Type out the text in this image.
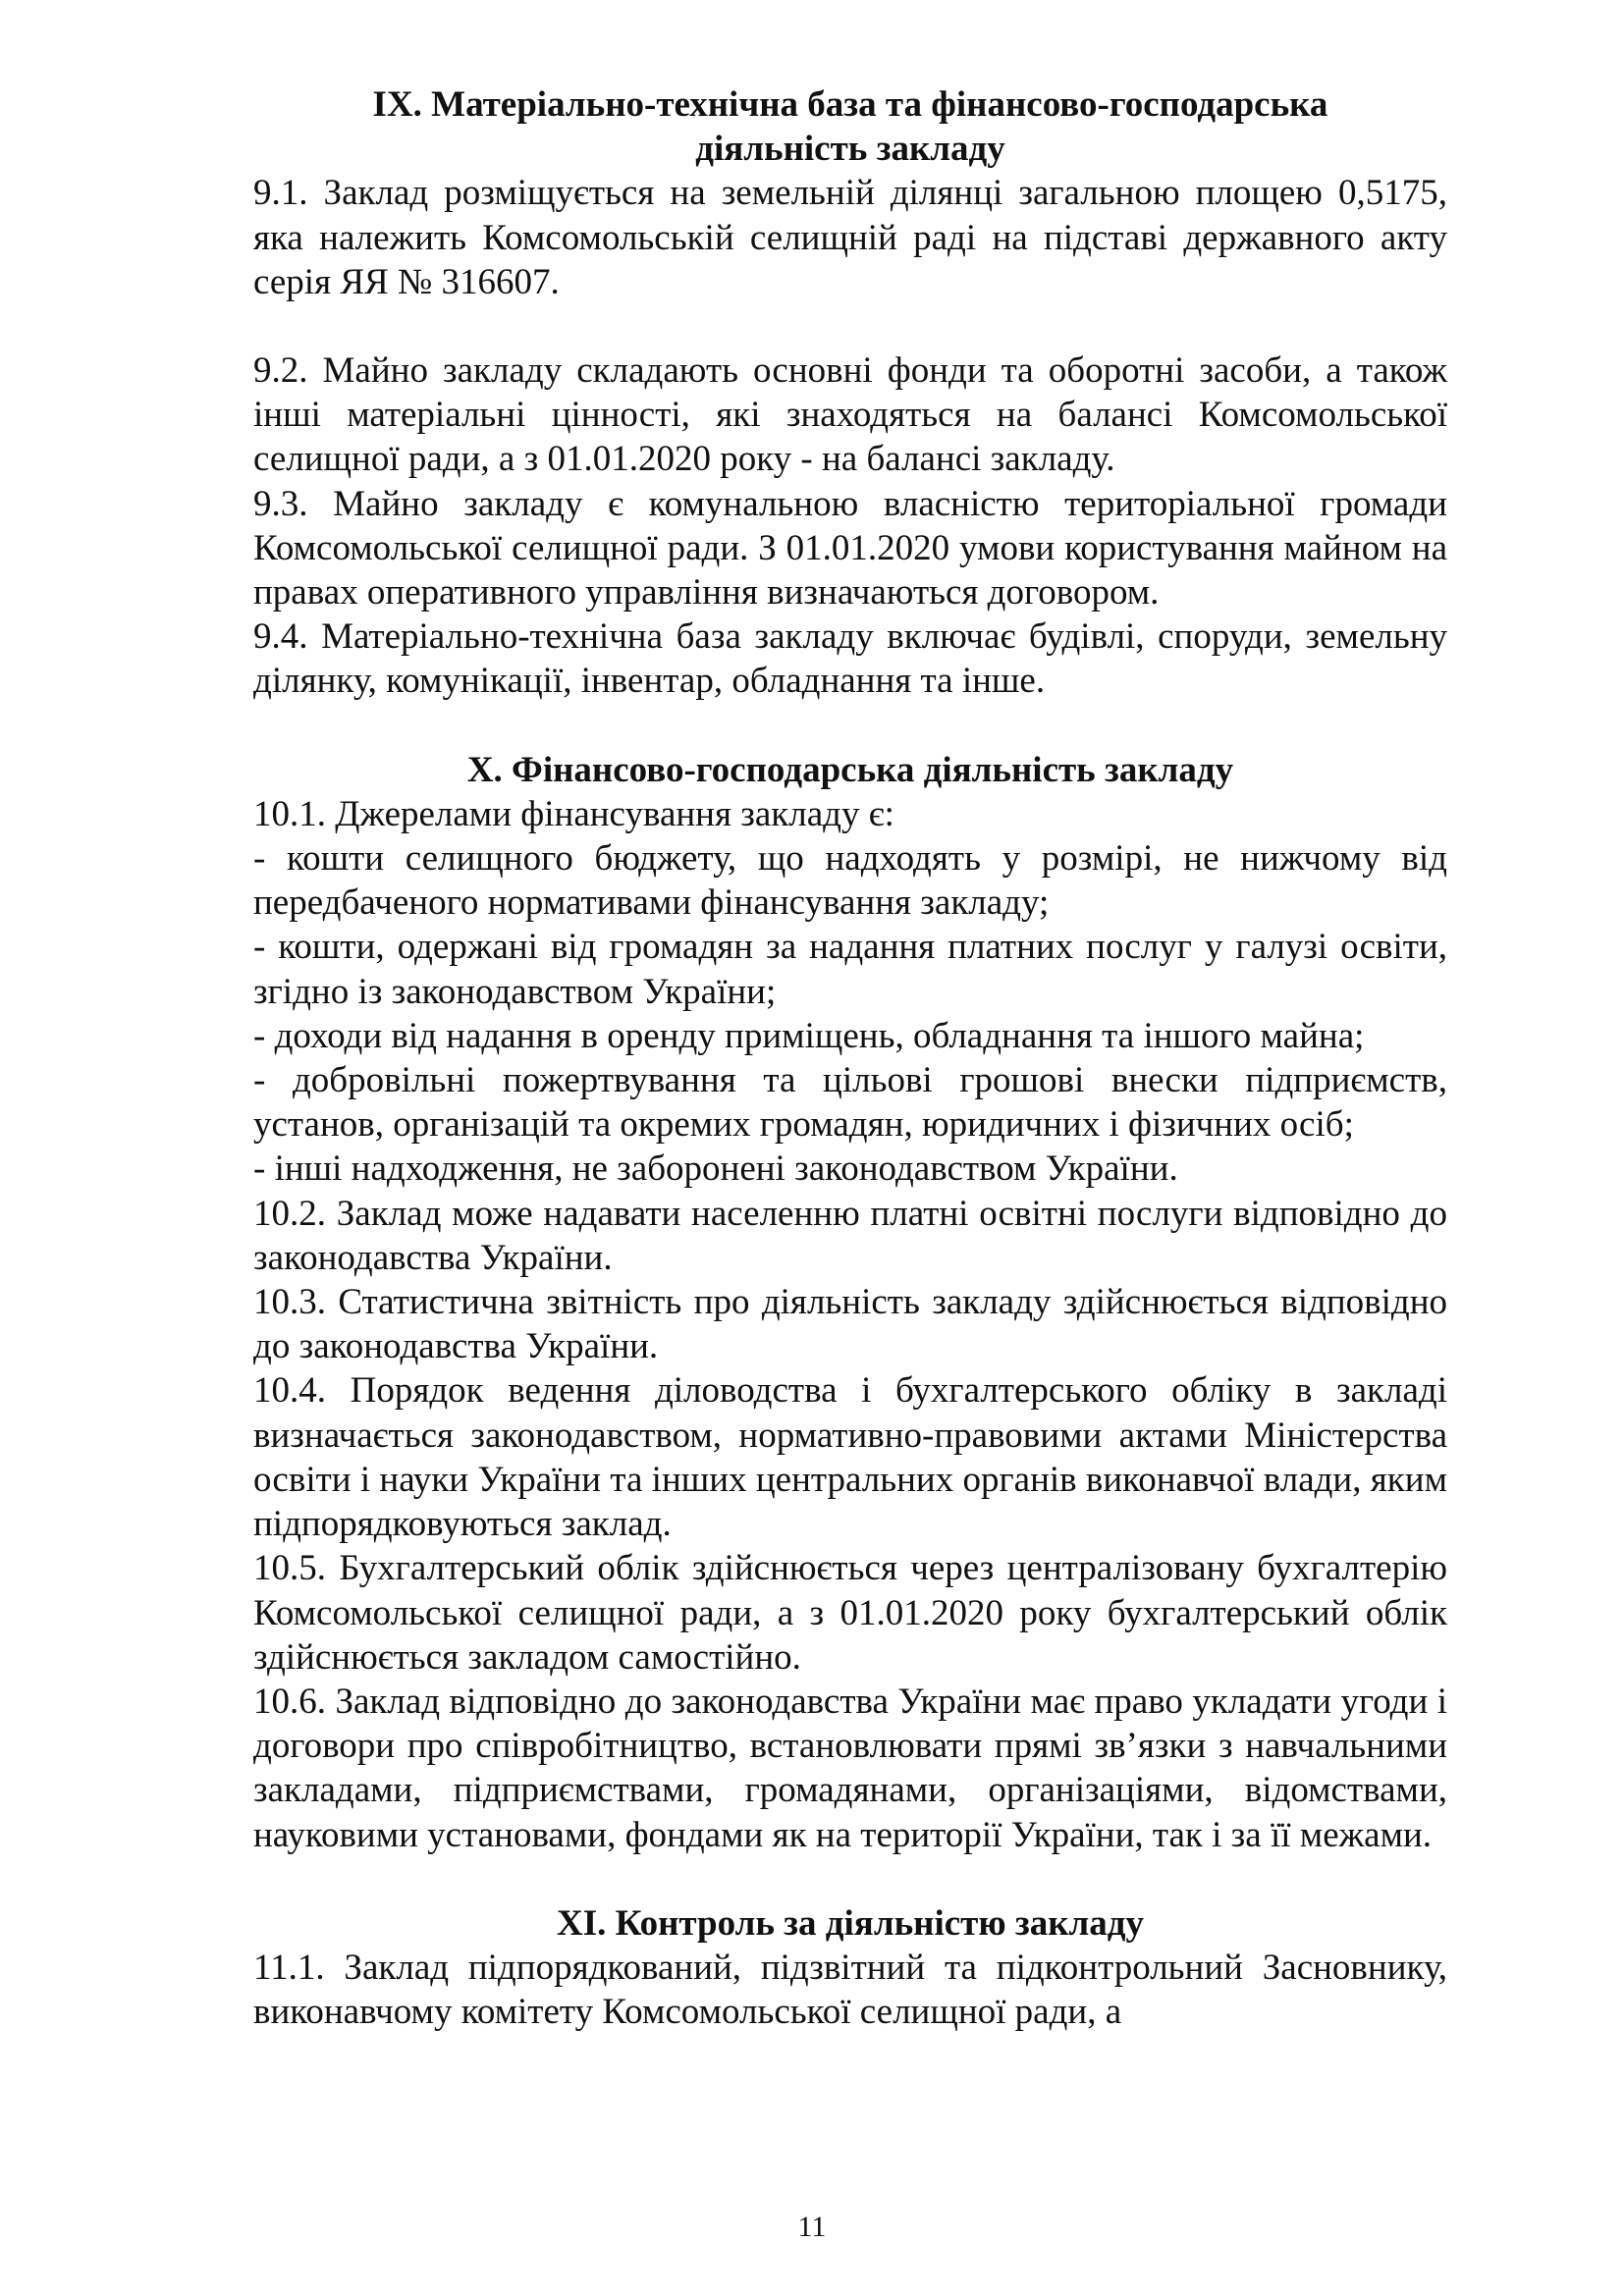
IX. Матеріально-технічна база та фінансово-господарська
діяльність закладу

9.1. Заклад розміщується на земельній ділянці загальною площею 0,5175, яка належить Комсомольській селищній раді на підставі державного акту серія ЯЯ № 316607.

9.2. Майно закладу складають основні фонди та оборотні засоби, а також інші матеріальні цінності, які знаходяться на балансі Комсомольської селищної ради, а з 01.01.2020 року - на балансі закладу.

9.3. Майно закладу є комунальною власністю територіальної громади Комсомольської селищної ради. З 01.01.2020 умови користування майном на правах оперативного управління визначаються договором.

9.4. Матеріально-технічна база закладу включає будівлі, споруди, земельну ділянку, комунікації, інвентар, обладнання та інше.

X. Фінансово-господарська діяльність закладу

10.1. Джерелами фінансування закладу є:

- кошти селищного бюджету, що надходять у розмірі, не нижчому від передбаченого нормативами фінансування закладу;

- кошти, одержані від громадян за надання платних послуг у галузі освіти, згідно із законодавством України;

- доходи від надання в оренду приміщень, обладнання та іншого майна;

- добровільні пожертвування та цільові грошові внески підприємств, установ, організацій та окремих громадян, юридичних і фізичних осіб;

- інші надходження, не заборонені законодавством України.

10.2. Заклад може надавати населенню платні освітні послуги відповідно до законодавства України.

10.3. Статистична звітність про діяльність закладу здійснюється відповідно до законодавства України.

10.4. Порядок ведення діловодства і бухгалтерського обліку в закладі визначається законодавством, нормативно-правовими актами Міністерства освіти і науки України та інших центральних органів виконавчої влади, яким підпорядковуються заклад.

10.5. Бухгалтерський облік здійснюється через централізовану бухгалтерію Комсомольської селищної ради, а з 01.01.2020 року бухгалтерський облік здійснюється закладом самостійно.

10.6. Заклад відповідно до законодавства України має право укладати угоди і договори про співробітництво, встановлювати прямі зв’язки з навчальними закладами, підприємствами, громадянами, організаціями, відомствами, науковими установами, фондами як на території України, так і за її межами.

XI. Контроль за діяльністю закладу

11.1. Заклад підпорядкований, підзвітний та підконтрольний Засновнику, виконавчому комітету Комсомольської селищної ради, а

11
